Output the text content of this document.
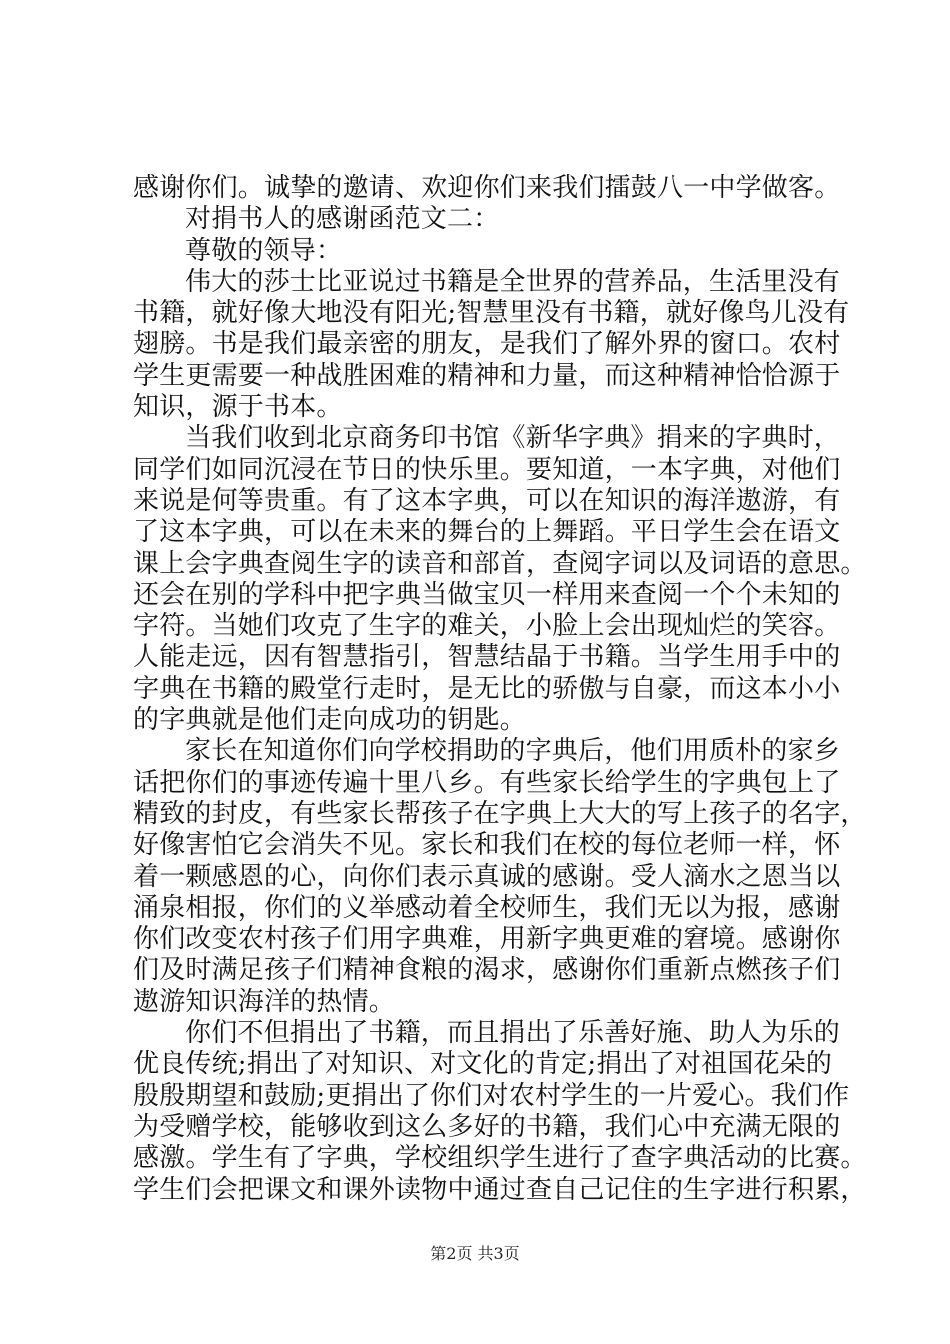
感谢你们。诚挚的邀请、欢迎你们来我们擂鼓八一中学做客。
对捐书人的感谢函范文二：
尊敬的领导：
伟大的莎士比亚说过书籍是全世界的营养品，生活里没有
书籍，就好像大地没有阳光;智慧里没有书籍，就好像鸟儿没有
翅膀。书是我们最亲密的朋友，是我们了解外界的窗口。农村
学生更需要一种战胜困难的精神和力量，而这种精神恰恰源于
知识，源于书本。
当我们收到北京商务印书馆《新华字典》捐来的字典时，
同学们如同沉浸在节日的快乐里。要知道，一本字典，对他们
来说是何等贵重。有了这本字典，可以在知识的海洋遨游，有
了这本字典，可以在未来的舞台的上舞蹈。平日学生会在语文
课上会字典查阅生字的读音和部首，查阅字词以及词语的意思。
还会在别的学科中把字典当做宝贝一样用来查阅一个个未知的
字符。当她们攻克了生字的难关，小脸上会出现灿烂的笑容。
人能走远，因有智慧指引，智慧结晶于书籍。当学生用手中的
字典在书籍的殿堂行走时，是无比的骄傲与自豪，而这本小小
的字典就是他们走向成功的钥匙。
家长在知道你们向学校捐助的字典后，他们用质朴的家乡
话把你们的事迹传遍十里八乡。有些家长给学生的字典包上了
精致的封皮，有些家长帮孩子在字典上大大的写上孩子的名字，
好像害怕它会消失不见。家长和我们在校的每位老师一样，怀
着一颗感恩的心，向你们表示真诚的感谢。受人滴水之恩当以
涌泉相报，你们的义举感动着全校师生，我们无以为报，感谢
你们改变农村孩子们用字典难，用新字典更难的窘境。感谢你
们及时满足孩子们精神食粮的渴求，感谢你们重新点燃孩子们
遨游知识海洋的热情。
你们不但捐出了书籍，而且捐出了乐善好施、助人为乐的
优良传统;捐出了对知识、对文化的肯定;捐出了对祖国花朵的
殷殷期望和鼓励;更捐出了你们对农村学生的一片爱心。我们作
为受赠学校，能够收到这么多好的书籍，我们心中充满无限的
感激。学生有了字典，学校组织学生进行了查字典活动的比赛。
学生们会把课文和课外读物中通过查自己记住的生字进行积累，
第2页 共3页
